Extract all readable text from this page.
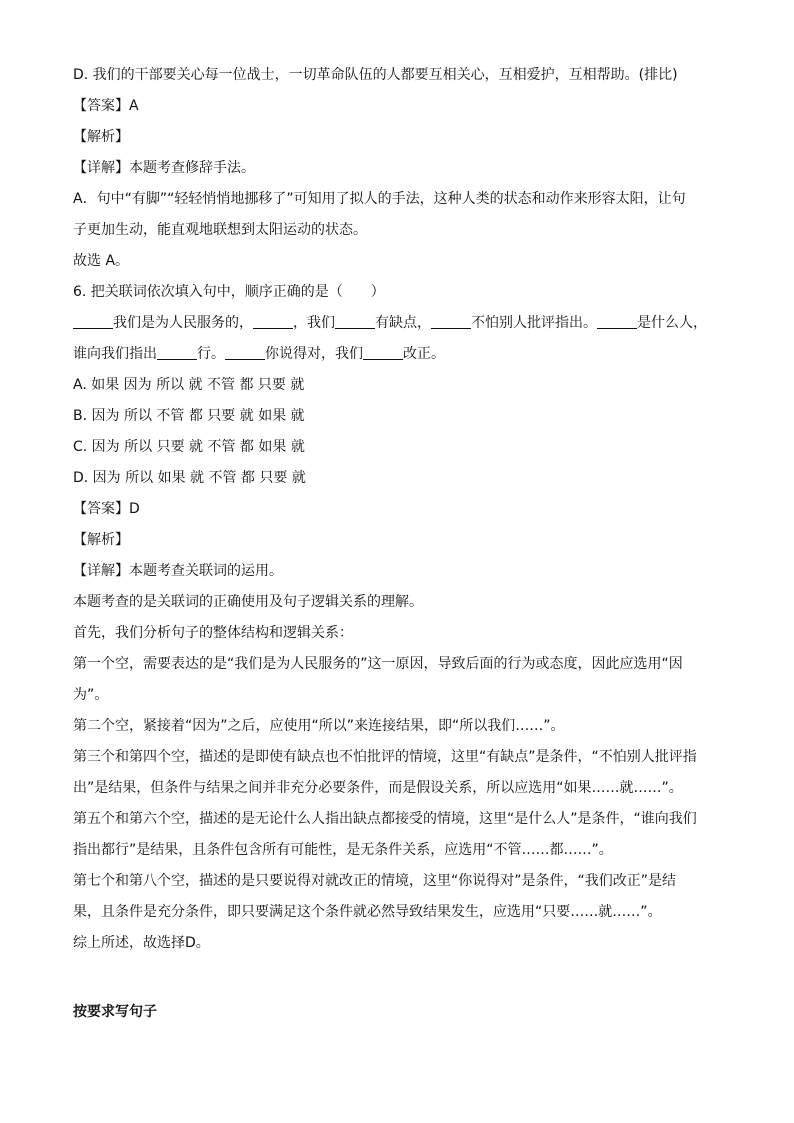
D. 我们的干部要关心每一位战士，一切革命队伍的人都要互相关心，互相爱护，互相帮助。(排比)
【答案】A
【解析】
【详解】本题考查修辞手法。
A．句中“有脚”“轻轻悄悄地挪移了”可知用了拟人的手法，这种人类的状态和动作来形容太阳，让句
子更加生动，能直观地联想到太阳运动的状态。
故选 A。
6. 把关联词依次填入句中，顺序正确的是（　　）
我们是为人民服务的，	，我们	有缺点，	不怕别人批评指出。	是什么人，
谁向我们指出	行。	你说得对，我们	改正。
A. 如果 因为 所以 就 不管 都 只要 就
B. 因为 所以 不管 都 只要 就 如果 就
C. 因为 所以 只要 就 不管 都 如果 就
D. 因为 所以 如果 就 不管 都 只要 就
【答案】D
【解析】
【详解】本题考查关联词的运用。
本题考查的是关联词的正确使用及句子逻辑关系的理解。
首先，我们分析句子的整体结构和逻辑关系：
第一个空，需要表达的是“我们是为人民服务的”这一原因，导致后面的行为或态度，因此应选用“因
为”。
第二个空，紧接着“因为”之后，应使用“所以”来连接结果，即“所以我们……”。
第三个和第四个空，描述的是即使有缺点也不怕批评的情境，这里“有缺点”是条件，“不怕别人批评指
出”是结果，但条件与结果之间并非充分必要条件，而是假设关系，所以应选用“如果……就……”。
第五个和第六个空，描述的是无论什么人指出缺点都接受的情境，这里“是什么人”是条件，“谁向我们
指出都行”是结果，且条件包含所有可能性，是无条件关系，应选用“不管……都……”。
第七个和第八个空，描述的是只要说得对就改正的情境，这里“你说得对”是条件，“我们改正”是结
果，且条件是充分条件，即只要满足这个条件就必然导致结果发生，应选用“只要……就……”。
综上所述，故选择D。
按要求写句子
